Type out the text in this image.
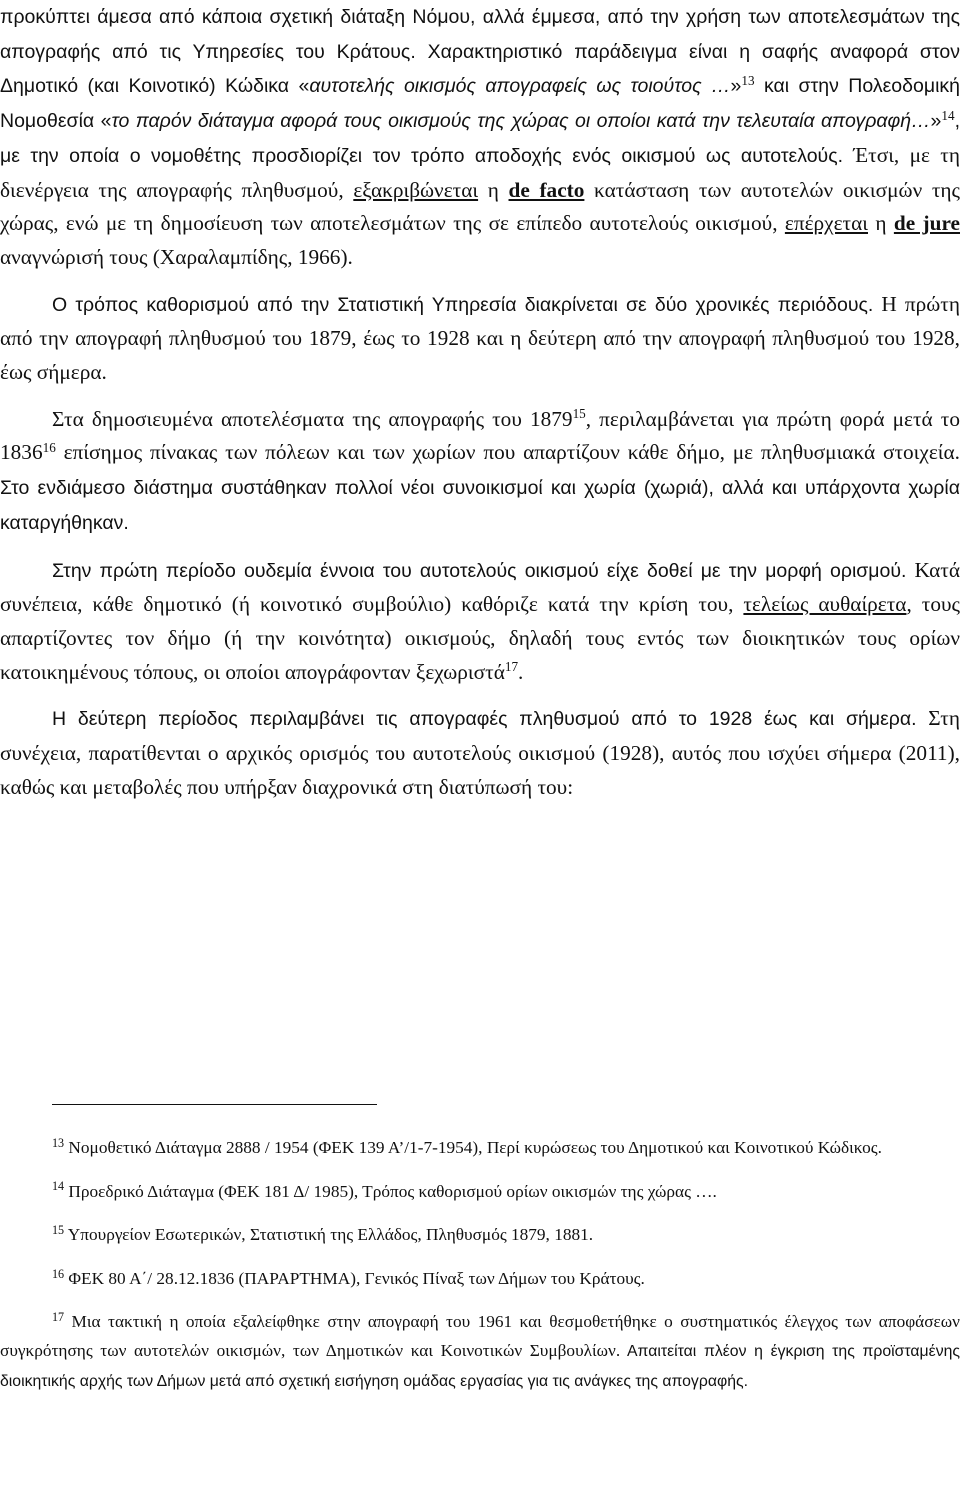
προκύπτει άμεσα από κάποια σχετική διάταξη Νόμου, αλλά έμμεσα, από την χρήση των αποτελεσμάτων της απογραφής από τις Υπηρεσίες του Κράτους. Χαρακτηριστικό παράδειγμα είναι η σαφής αναφορά στον Δημοτικό (και Κοινοτικό) Κώδικα «αυτοτελής οικισμός απογραφείς ως τοιούτος …»$^{13}$ και στην Πολεοδομική Νομοθεσία «το παρόν διάταγμα αφορά τους οικισμούς της χώρας οι οποίοι κατά την τελευταία απογραφή…»$^{14}$, με την οποία ο νομοθέτης προσδιορίζει τον τρόπο αποδοχής ενός οικισμού ως αυτοτελούς. Έτσι, με τη διενέργεια της απογραφής πληθυσμού, εξακριβώνεται η de facto κατάσταση των αυτοτελών οικισμών της χώρας, ενώ με τη δημοσίευση των αποτελεσμάτων της σε επίπεδο αυτοτελούς οικισμού, επέρχεται η de jure αναγνώρισή τους (Χαραλαμπίδης, 1966).

Ο τρόπος καθορισμού από την Στατιστική Υπηρεσία διακρίνεται σε δύο χρονικές περιόδους. Η πρώτη από την απογραφή πληθυσμού του 1879, έως το 1928 και η δεύτερη από την απογραφή πληθυσμού του 1928, έως σήμερα.

Στα δημοσιευμένα αποτελέσματα της απογραφής του 1879$^{15}$, περιλαμβάνεται για πρώτη φορά μετά το 1836$^{16}$ επίσημος πίνακας των πόλεων και των χωρίων που απαρτίζουν κάθε δήμο, με πληθυσμιακά στοιχεία. Στο ενδιάμεσο διάστημα συστάθηκαν πολλοί νέοι συνοικισμοί και χωρία (χωριά), αλλά και υπάρχοντα χωρία καταργήθηκαν.

Στην πρώτη περίοδο ουδεμία έννοια του αυτοτελούς οικισμού είχε δοθεί με την μορφή ορισμού. Κατά συνέπεια, κάθε δημοτικό (ή κοινοτικό συμβούλιο) καθόριζε κατά την κρίση του, τελείως αυθαίρετα, τους απαρτίζοντες τον δήμο (ή την κοινότητα) οικισμούς, δηλαδή τους εντός των διοικητικών τους ορίων κατοικημένους τόπους, οι οποίοι απογράφονταν ξεχωριστά$^{17}$.

Η δεύτερη περίοδος περιλαμβάνει τις απογραφές πληθυσμού από το 1928 έως και σήμερα. Στη συνέχεια, παρατίθενται ο αρχικός ορισμός του αυτοτελούς οικισμού (1928), αυτός που ισχύει σήμερα (2011), καθώς και μεταβολές που υπήρξαν διαχρονικά στη διατύπωσή του:

$^{13}$ Νομοθετικό Διάταγμα 2888 / 1954 (ΦΕΚ 139 Α’/1-7-1954), Περί κυρώσεως του Δημοτικού και Κοινοτικού Κώδικος.

$^{14}$ Προεδρικό Διάταγμα (ΦΕΚ 181 Δ/ 1985), Τρόπος καθορισμού ορίων οικισμών της χώρας ….

$^{15}$ Υπουργείον Εσωτερικών, Στατιστική της Ελλάδος, Πληθυσμός 1879, 1881.

$^{16}$ ΦΕΚ 80 Α΄/ 28.12.1836 (ΠΑΡΑΡΤΗΜΑ), Γενικός Πίναξ των Δήμων του Κράτους.

$^{17}$ Μια τακτική η οποία εξαλείφθηκε στην απογραφή του 1961 και θεσμοθετήθηκε ο συστηματικός έλεγχος των αποφάσεων συγκρότησης των αυτοτελών οικισμών, των Δημοτικών και Κοινοτικών Συμβουλίων. Απαιτείται πλέον η έγκριση της προϊσταμένης διοικητικής αρχής των Δήμων μετά από σχετική εισήγηση ομάδας εργασίας για τις ανάγκες της απογραφής.
